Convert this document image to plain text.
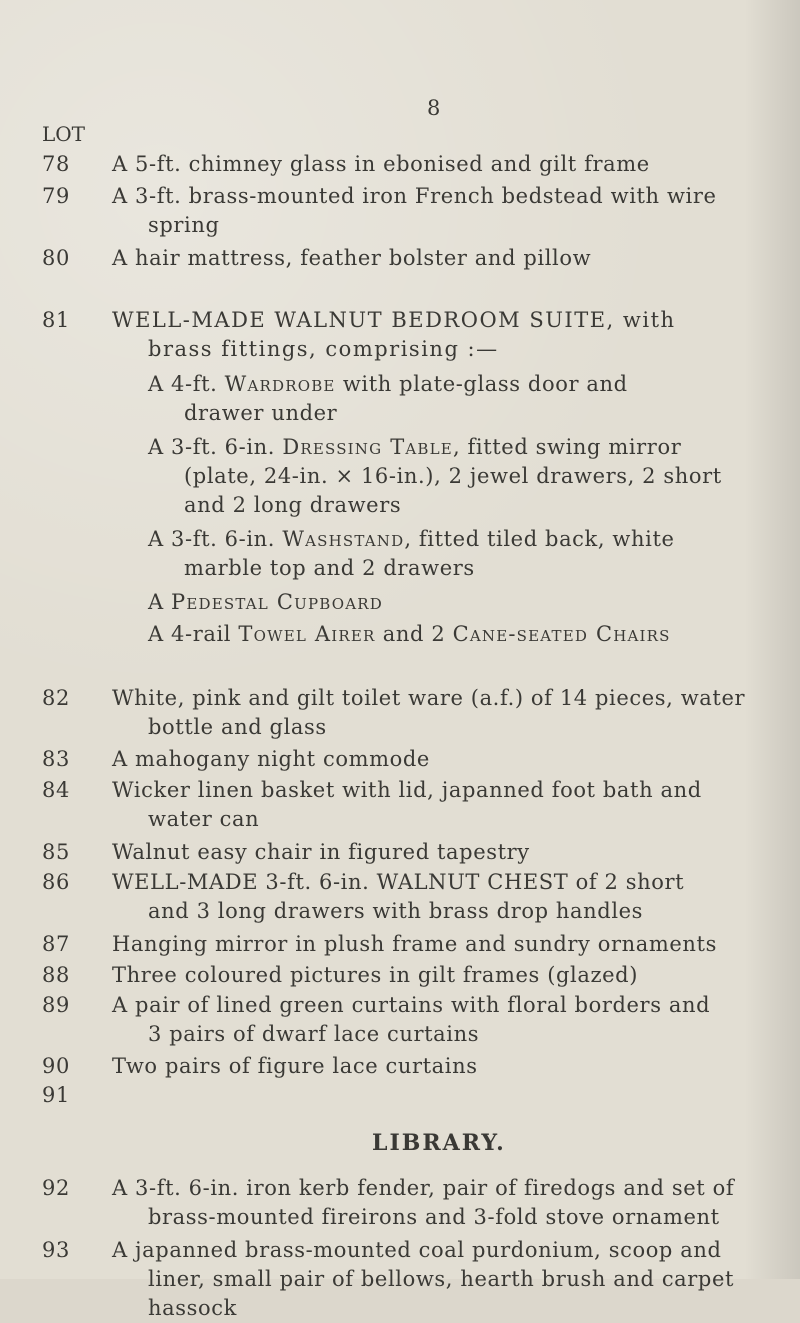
8
LOT
78 A 5-ft. chimney glass in ebonised and gilt frame
79 A 3-ft. brass-mounted iron French bedstead with wire
spring
80 A hair mattress, feather bolster and pillow
81 WELL-MADE WALNUT BEDROOM SUITE, with
brass fittings, comprising :—
A 4-ft. Wardrobe with plate-glass door and
drawer under
A 3-ft. 6-in. Dressing Table, fitted swing mirror
(plate, 24-in. × 16-in.), 2 jewel drawers, 2 short
and 2 long drawers
A 3-ft. 6-in. Washstand, fitted tiled back, white
marble top and 2 drawers
A Pedestal Cupboard
A 4-rail Towel Airer and 2 Cane-seated Chairs
82 White, pink and gilt toilet ware (a.f.) of 14 pieces, water
bottle and glass
83 A mahogany night commode
84 Wicker linen basket with lid, japanned foot bath and
water can
85 Walnut easy chair in figured tapestry
86 WELL-MADE 3-ft. 6-in. WALNUT CHEST of 2 short
and 3 long drawers with brass drop handles
87 Hanging mirror in plush frame and sundry ornaments
88 Three coloured pictures in gilt frames (glazed)
89 A pair of lined green curtains with floral borders and
3 pairs of dwarf lace curtains
90 Two pairs of figure lace curtains
91
LIBRARY.
92 A 3-ft. 6-in. iron kerb fender, pair of firedogs and set of
brass-mounted fireirons and 3-fold stove ornament
93 A japanned brass-mounted coal purdonium, scoop and
liner, small pair of bellows, hearth brush and carpet
hassock
